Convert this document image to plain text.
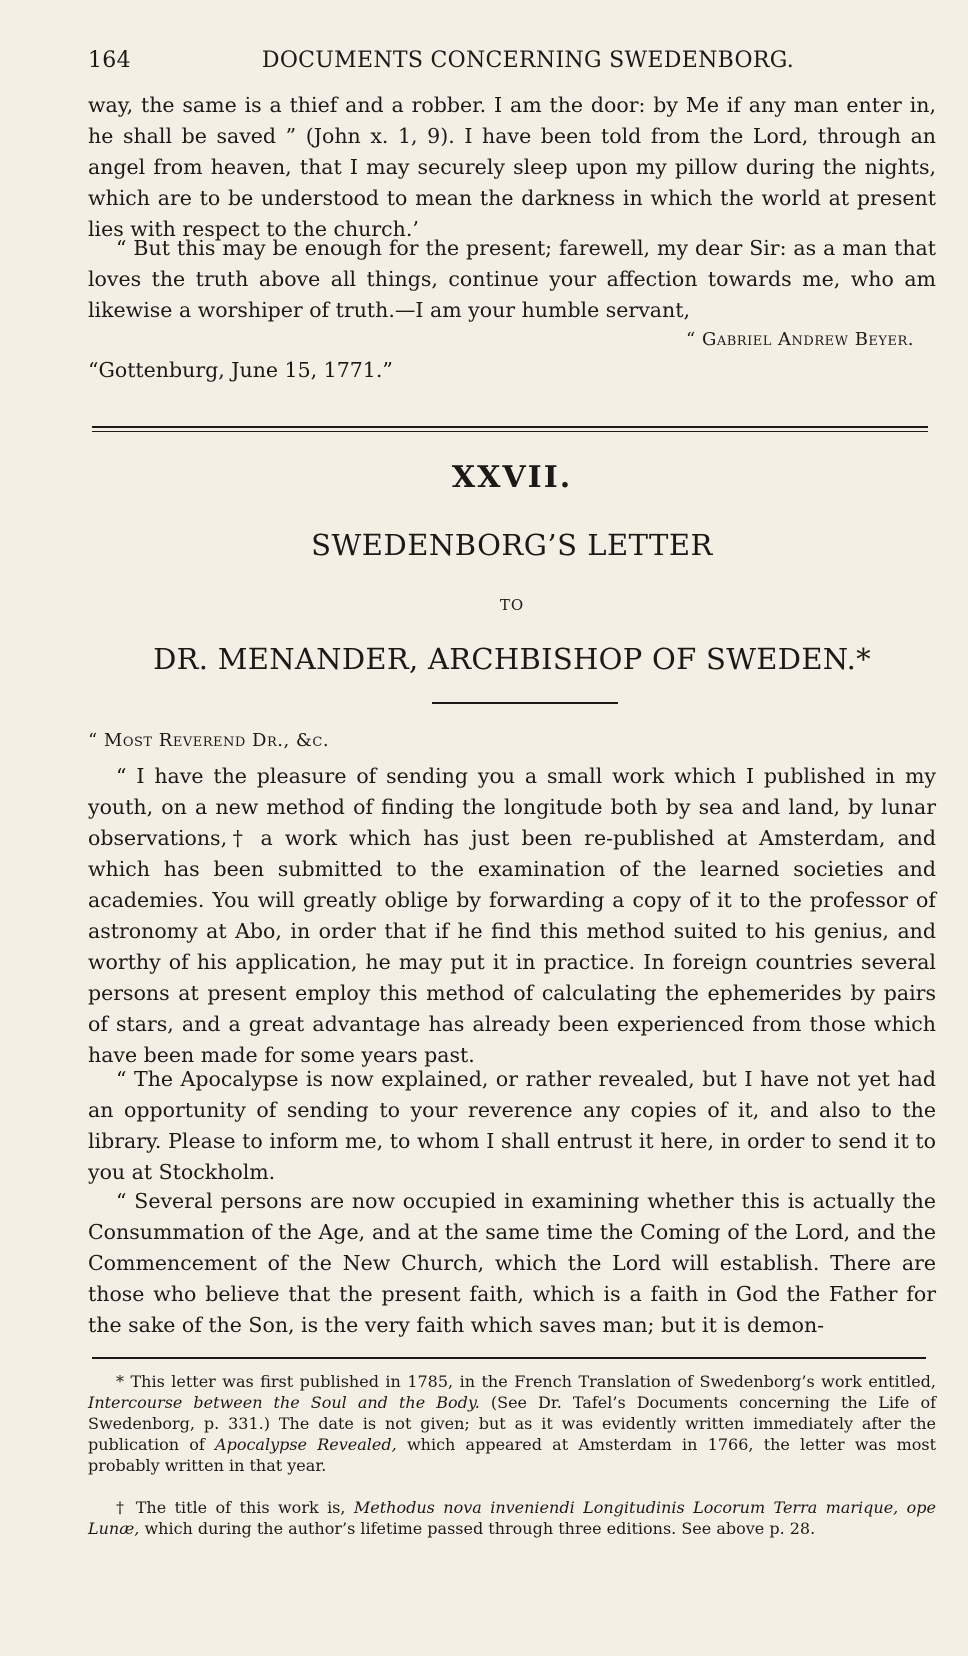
164	DOCUMENTS CONCERNING SWEDENBORG.

way, the same is a thief and a robber. I am the door: by Me if any man enter in, he shall be saved ” (John x. 1, 9). I have been told from the Lord, through an angel from heaven, that I may securely sleep upon my pillow during the nights, which are to be understood to mean the darkness in which the world at present lies with respect to the church.’

“ But this may be enough for the present; farewell, my dear Sir: as a man that loves the truth above all things, continue your affection towards me, who am likewise a worshiper of truth.—I am your humble servant,

“ Gabriel Andrew Beyer.
“Gottenburg, June 15, 1771.”
XXVII.
SWEDENBORG’S LETTER
TO
DR. MENANDER, ARCHBISHOP OF SWEDEN.*
“ Most Reverend Dr., &c.

“ I have the pleasure of sending you a small work which I published in my youth, on a new method of finding the longitude both by sea and land, by lunar observations,† a work which has just been re-published at Amsterdam, and which has been submitted to the examination of the learned societies and academies. You will greatly oblige by forwarding a copy of it to the professor of astronomy at Abo, in order that if he find this method suited to his genius, and worthy of his application, he may put it in practice. In foreign countries several persons at present employ this method of calculating the ephemerides by pairs of stars, and a great advantage has already been experienced from those which have been made for some years past.

“ The Apocalypse is now explained, or rather revealed, but I have not yet had an opportunity of sending to your reverence any copies of it, and also to the library. Please to inform me, to whom I shall entrust it here, in order to send it to you at Stockholm.

“ Several persons are now occupied in examining whether this is actually the Consummation of the Age, and at the same time the Coming of the Lord, and the Commencement of the New Church, which the Lord will establish. There are those who believe that the present faith, which is a faith in God the Father for the sake of the Son, is the very faith which saves man; but it is demon-

* This letter was first published in 1785, in the French Translation of Swedenborg’s work entitled, Intercourse between the Soul and the Body. (See Dr. Tafel’s Documents concerning the Life of Swedenborg, p. 331.) The date is not given; but as it was evidently written immediately after the publication of Apocalypse Revealed, which appeared at Amsterdam in 1766, the letter was most probably written in that year.

† The title of this work is, Methodus nova inveniendi Longitudinis Locorum Terra marique, ope Lunæ, which during the author’s lifetime passed through three editions. See above p. 28.
